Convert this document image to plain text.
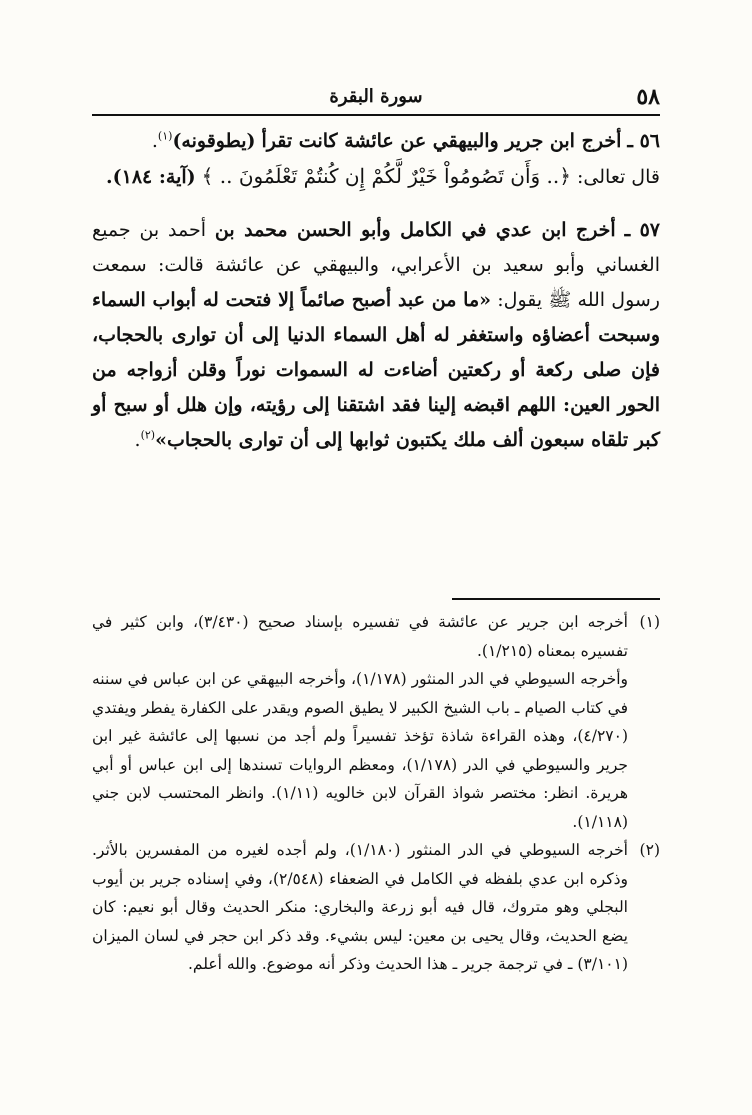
٥٨
سورة البقرة

٥٦ ـ أخرج ابن جرير والبيهقي عن عائشة كانت تقرأ (يطوقونه)$^{(١)}$.

قال تعالى: ﴿.. وَأَن تَصُومُواْ خَيْرٌ لَّكُمْ إِن كُنتُمْ تَعْلَمُونَ .. ﴾ (آية: ١٨٤).

٥٧ ـ أخرج ابن عدي في الكامل وأبو الحسن محمد بن أحمد بن جميع الغساني وأبو سعيد بن الأعرابي، والبيهقي عن عائشة قالت: سمعت رسول الله ﷺ يقول: «ما من عبد أصبح صائماً إلا فتحت له أبواب السماء وسبحت أعضاؤه واستغفر له أهل السماء الدنيا إلى أن توارى بالحجاب، فإن صلى ركعة أو ركعتين أضاءت له السموات نوراً وقلن أزواجه من الحور العين: اللهم اقبضه إلينا فقد اشتقنا إلى رؤيته، وإن هلل أو سبح أو كبر تلقاه سبعون ألف ملك يكتبون ثوابها إلى أن توارى بالحجاب»$^{(٢)}$.

(١)

أخرجه ابن جرير عن عائشة في تفسيره بإسناد صحيح (٣/٤٣٠)، وابن كثير في تفسيره بمعناه (١/٢١٥).

وأخرجه السيوطي في الدر المنثور (١/١٧٨)، وأخرجه البيهقي عن ابن عباس في سننه في كتاب الصيام ـ باب الشيخ الكبير لا يطيق الصوم ويقدر على الكفارة يفطر ويفتدي (٤/٢٧٠)، وهذه القراءة شاذة تؤخذ تفسيراً ولم أجد من نسبها إلى عائشة غير ابن جرير والسيوطي في الدر (١/١٧٨)، ومعظم الروايات تسندها إلى ابن عباس أو أبي هريرة. انظر: مختصر شواذ القرآن لابن خالويه (١/١١). وانظر المحتسب لابن جني (١/١١٨).

(٢)

أخرجه السيوطي في الدر المنثور (١/١٨٠)، ولم أجده لغيره من المفسرين بالأثر. وذكره ابن عدي بلفظه في الكامل في الضعفاء (٢/٥٤٨)، وفي إسناده جرير بن أيوب البجلي وهو متروك، قال فيه أبو زرعة والبخاري: منكر الحديث وقال أبو نعيم: كان يضع الحديث، وقال يحيى بن معين: ليس بشيء. وقد ذكر ابن حجر في لسان الميزان (٣/١٠١) ـ في ترجمة جرير ـ هذا الحديث وذكر أنه موضوع. والله أعلم.
